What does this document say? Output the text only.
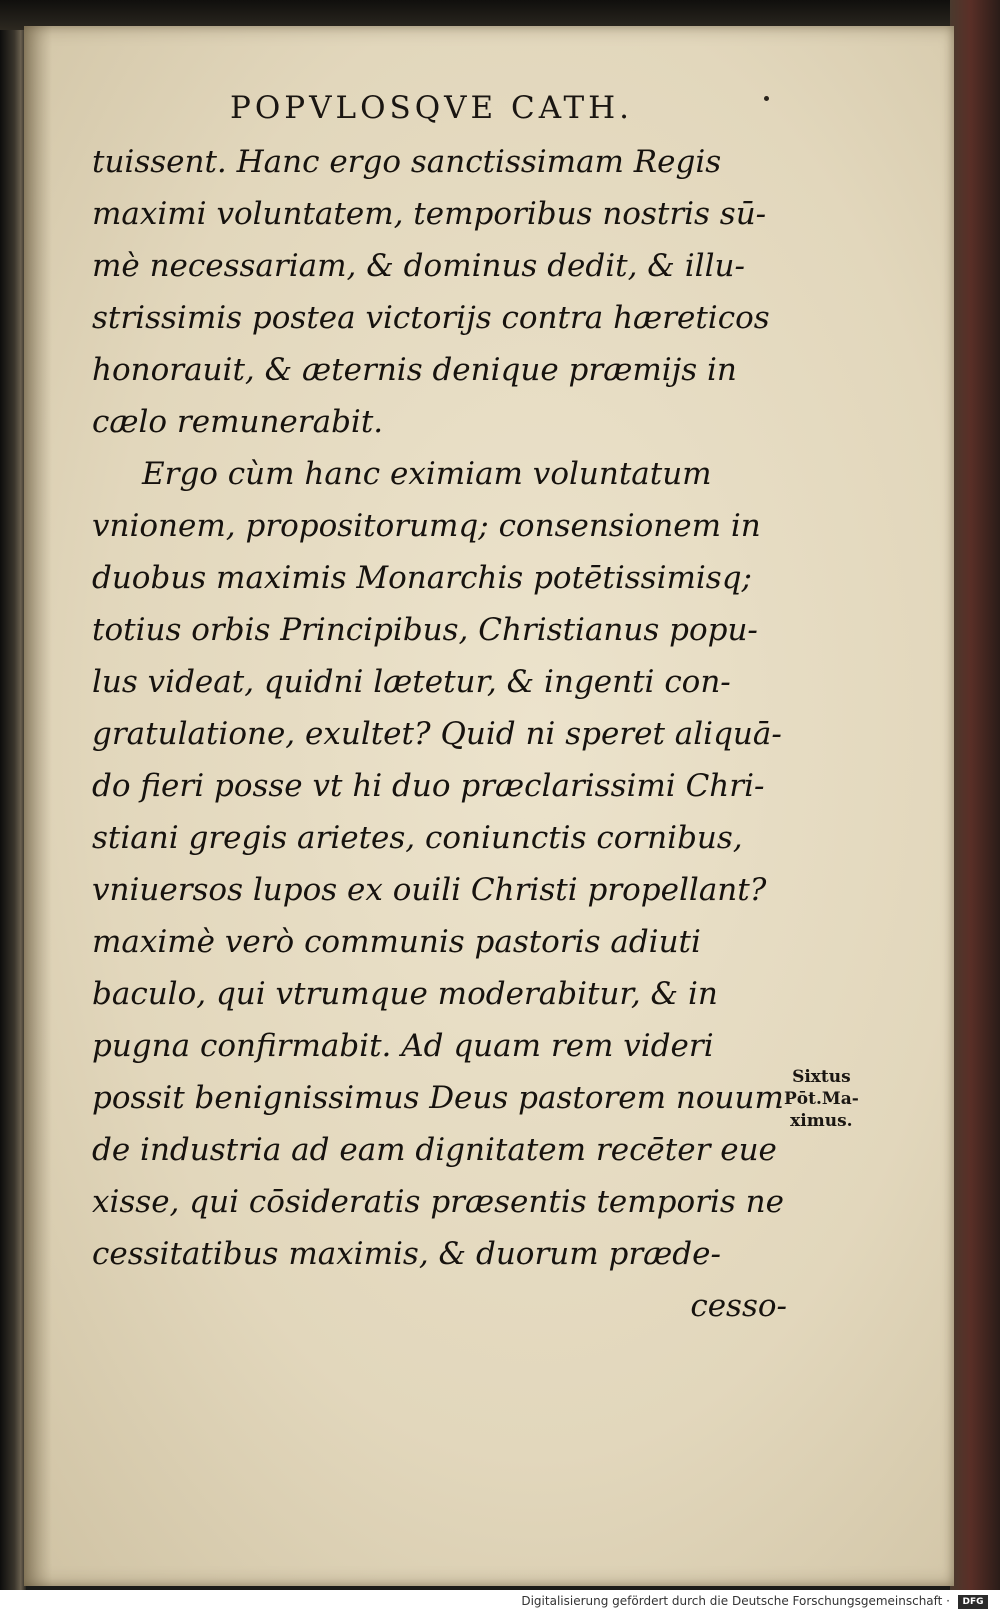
POPVLOSQVE CATH.
tuissent. Hanc ergo sanctissimam Regis
maximi voluntatem, temporibus nostris sū-
mè necessariam, & dominus dedit, & illu-
strissimis postea victorijs contra hæreticos
honorauit, & æternis denique præmijs in
cælo remunerabit.
Ergo cùm hanc eximiam voluntatum
vnionem, propositorumq; consensionem in
duobus maximis Monarchis potētissimisq;
totius orbis Principibus, Christianus popu-
lus videat, quidni lætetur, & ingenti con-
gratulatione, exultet? Quid ni speret aliquā-
do fieri posse vt hi duo præclarissimi Chri-
stiani gregis arietes, coniunctis cornibus,
vniuersos lupos ex ouili Christi propellant?
maximè verò communis pastoris adiuti
baculo, qui vtrumque moderabitur, & in
pugna confirmabit. Ad quam rem videri
possit benignissimus Deus pastorem nouum
de industria ad eam dignitatem recēter eue
xisse, qui cōsideratis præsentis temporis ne
cessitatibus maximis, & duorum præde-
cesso-
Sixtus
Pōt.Ma-
ximus.
Digitalisierung gefördert durch die Deutsche Forschungsgemeinschaft ·	DFG
